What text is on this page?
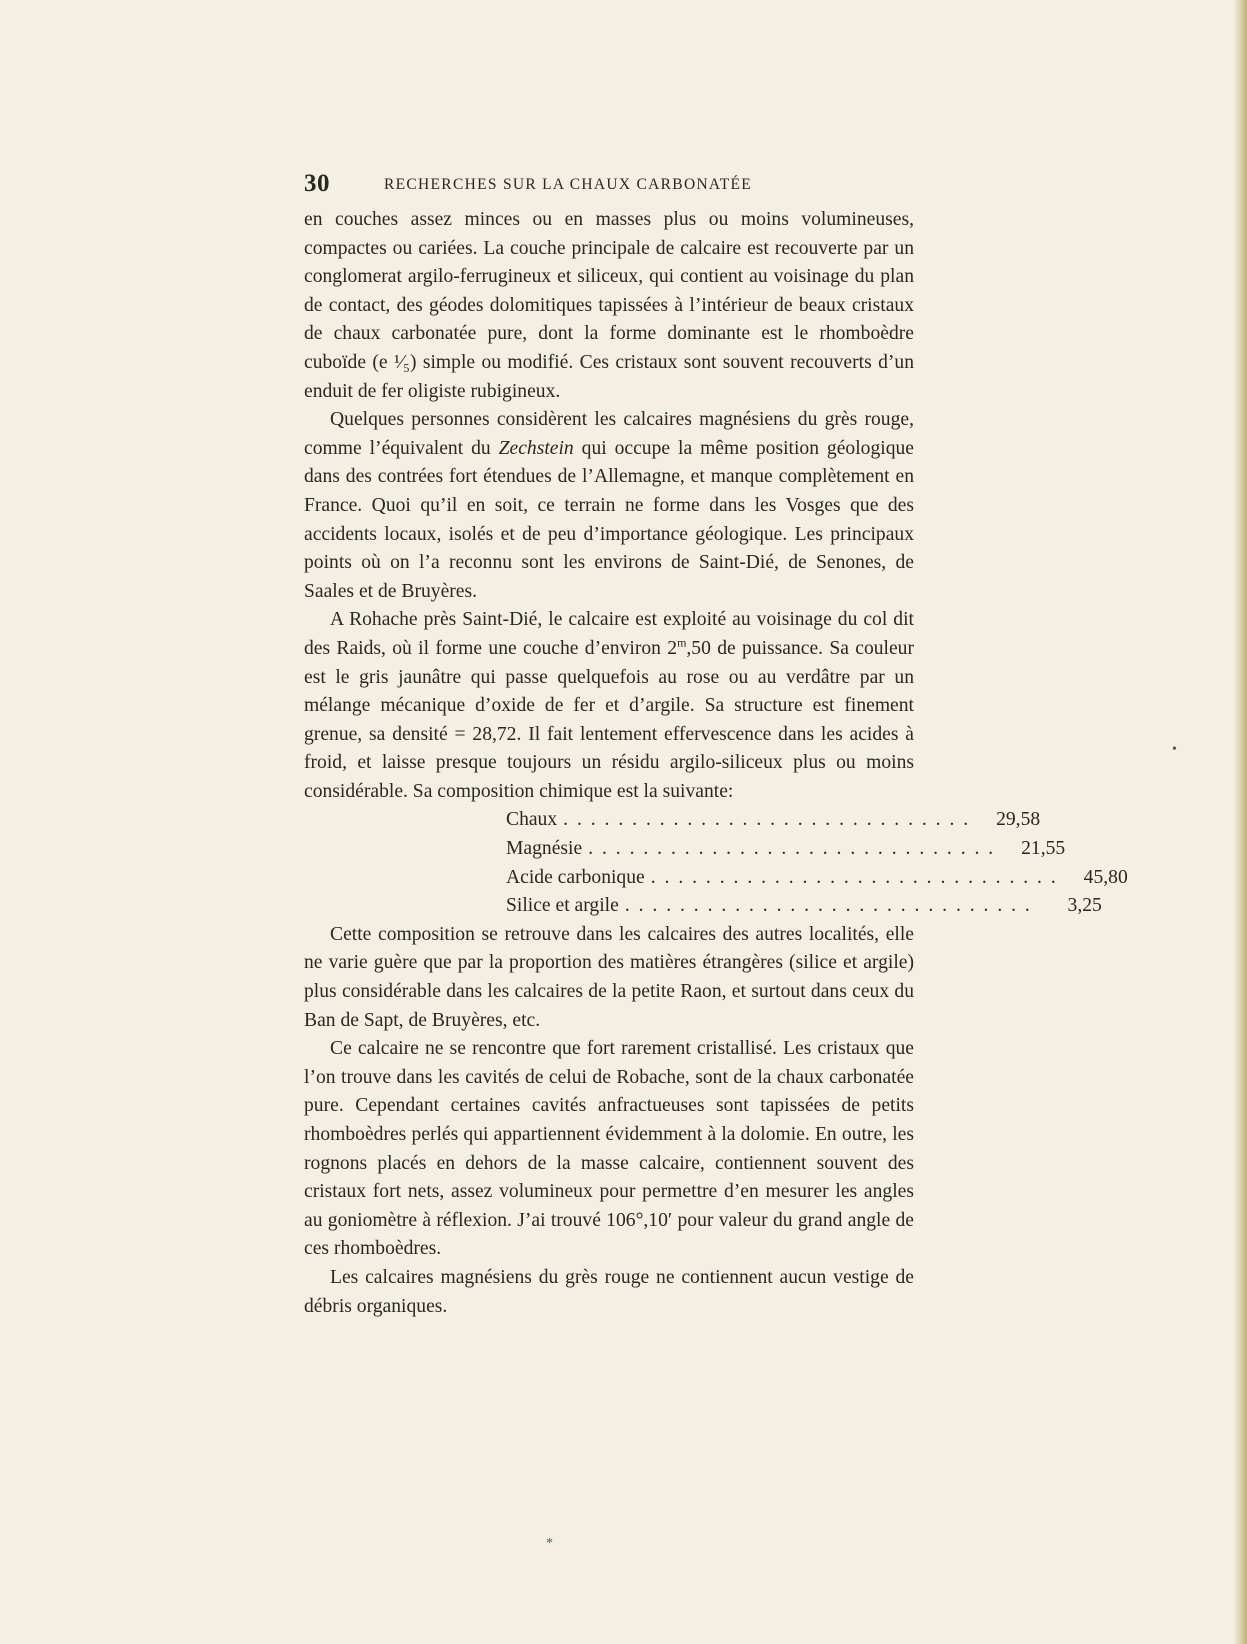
30	RECHERCHES SUR LA CHAUX CARBONATÉE

en couches assez minces ou en masses plus ou moins volumineuses, compactes ou cariées. La couche principale de calcaire est recouverte par un conglomerat argilo-ferrugineux et siliceux, qui contient au voisinage du plan de contact, des géodes dolomitiques tapissées à l’intérieur de beaux cristaux de chaux carbonatée pure, dont la forme dominante est le rhomboèdre cuboïde (e ¹⁄₅) simple ou modifié. Ces cristaux sont souvent recouverts d’un enduit de fer oligiste rubigineux.

Quelques personnes considèrent les calcaires magnésiens du grès rouge, comme l’équivalent du Zechstein qui occupe la même position géologique dans des contrées fort étendues de l’Allemagne, et manque complètement en France. Quoi qu’il en soit, ce terrain ne forme dans les Vosges que des accidents locaux, isolés et de peu d’importance géologique. Les principaux points où on l’a reconnu sont les environs de Saint-Dié, de Senones, de Saales et de Bruyères.

A Rohache près Saint-Dié, le calcaire est exploité au voisinage du col dit des Raids, où il forme une couche d’environ 2$^m$,50 de puissance. Sa couleur est le gris jaunâtre qui passe quelquefois au rose ou au verdâtre par un mélange mécanique d’oxide de fer et d’argile. Sa structure est finement grenue, sa densité = 28,72. Il fait lentement effervescence dans les acides à froid, et laisse presque toujours un résidu argilo-siliceux plus ou moins considérable. Sa composition chimique est la suivante:

Chaux . . . . . . . . . . . . . . . . . . . . . . . . . . . . . .	29,58
Magnésie . . . . . . . . . . . . . . . . . . . . . . . . . . . . . .	21,55
Acide carbonique . . . . . . . . . . . . . . . . . . . . . . . . . . . . . .	45,80
Silice et argile . . . . . . . . . . . . . . . . . . . . . . . . . . . . . .	3,25

Cette composition se retrouve dans les calcaires des autres localités, elle ne varie guère que par la proportion des matières étrangères (silice et argile) plus considérable dans les calcaires de la petite Raon, et surtout dans ceux du Ban de Sapt, de Bruyères, etc.

Ce calcaire ne se rencontre que fort rarement cristallisé. Les cristaux que l’on trouve dans les cavités de celui de Robache, sont de la chaux carbonatée pure. Cependant certaines cavités anfractueuses sont tapissées de petits rhomboèdres perlés qui appartiennent évidemment à la dolomie. En outre, les rognons placés en dehors de la masse calcaire, contiennent souvent des cristaux fort nets, assez volumineux pour permettre d’en mesurer les angles au goniomètre à réflexion. J’ai trouvé 106°,10′ pour valeur du grand angle de ces rhomboèdres.

Les calcaires magnésiens du grès rouge ne contiennent aucun vestige de débris organiques.

•
*
